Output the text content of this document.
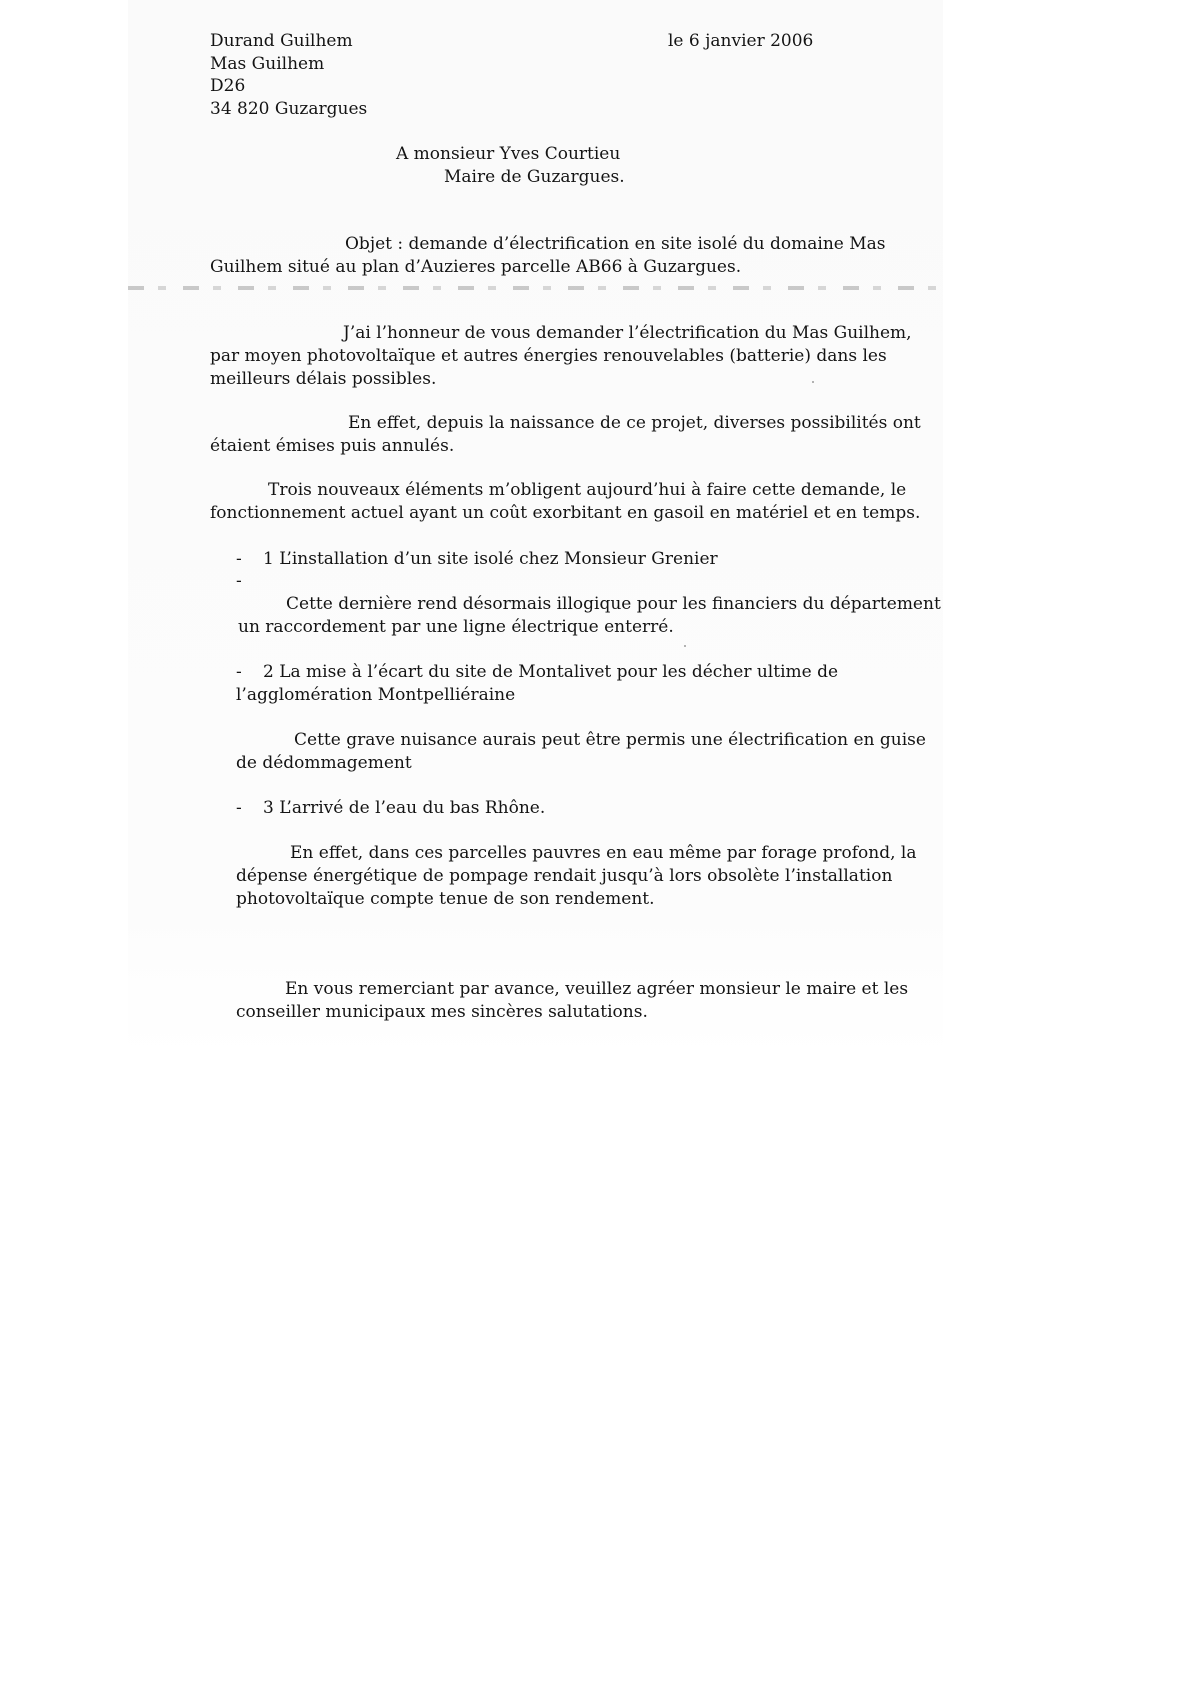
Durand Guilhem
Mas Guilhem
D26
34 820 Guzargues
le 6 janvier 2006
A monsieur Yves Courtieu
Maire de Guzargues.
Objet : demande d’électrification en site isolé du domaine Mas
Guilhem situé au plan d’Auzieres parcelle AB66 à Guzargues.
J’ai l’honneur de vous demander l’électrification du Mas Guilhem,
par moyen photovoltaïque et autres énergies renouvelables (batterie) dans les
meilleurs délais possibles.
En effet, depuis la naissance de ce projet, diverses possibilités ont
étaient émises puis annulés.
Trois nouveaux éléments m’obligent aujourd’hui à faire cette demande, le
fonctionnement actuel ayant un coût exorbitant en gasoil en matériel et en temps.
- 1 L’installation d’un site isolé chez Monsieur Grenier
-
Cette dernière rend désormais illogique pour les financiers du département
un raccordement par une ligne électrique enterré.
- 2 La mise à l’écart du site de Montalivet pour les décher ultime de
l’agglomération Montpelliéraine
Cette grave nuisance aurais peut être permis une électrification en guise
de dédommagement
- 3 L’arrivé de l’eau du bas Rhône.
En effet, dans ces parcelles pauvres en eau même par forage profond, la
dépense énergétique de pompage rendait jusqu’à lors obsolète l’installation
photovoltaïque compte tenue de son rendement.
En vous remerciant par avance, veuillez agréer monsieur le maire et les
conseiller municipaux mes sincères salutations.
